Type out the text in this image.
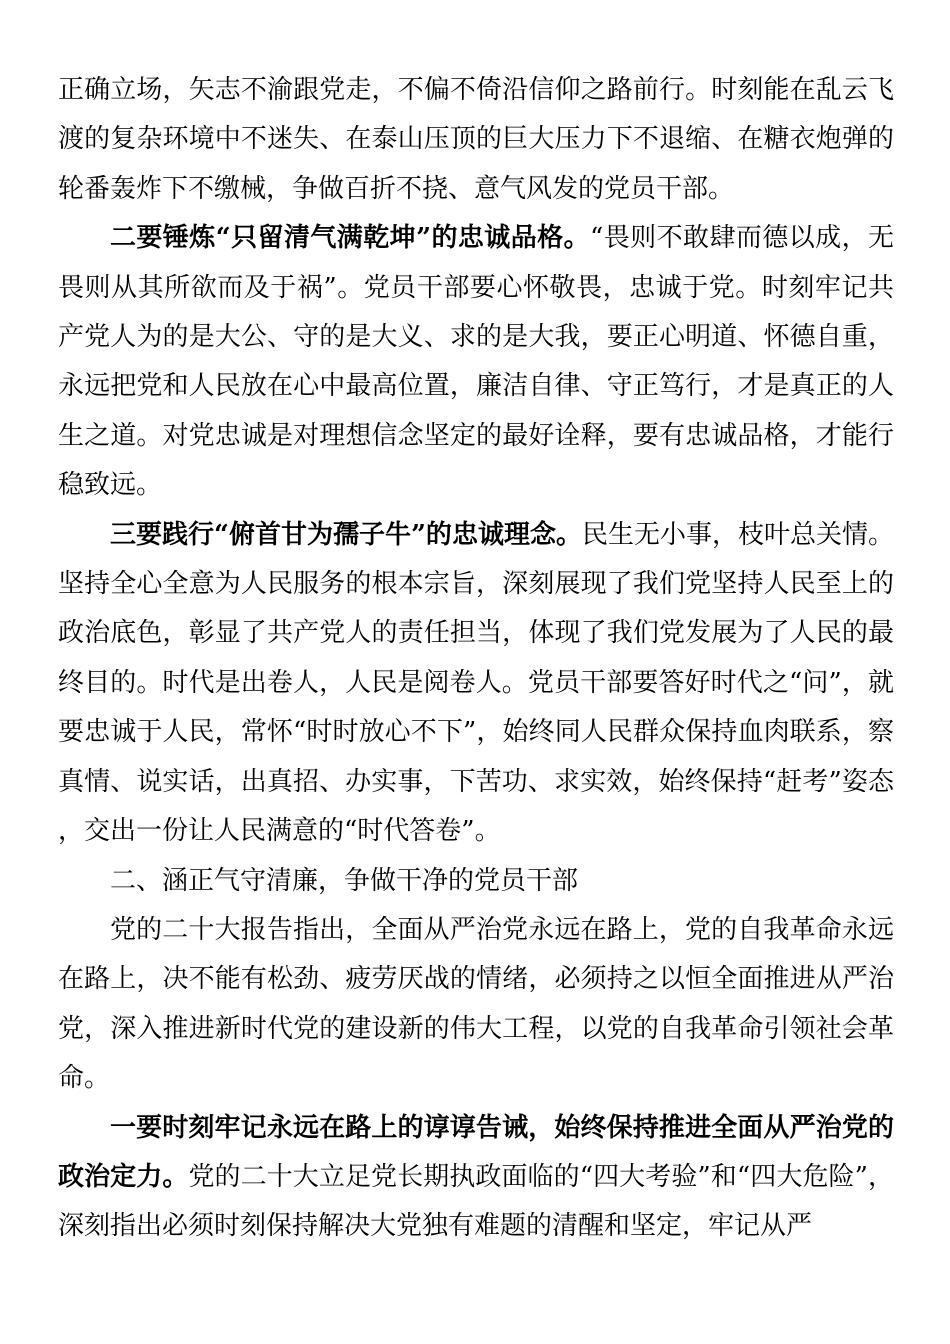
正确立场，矢志不渝跟党走，不偏不倚沿信仰之路前行。时刻能在乱云飞渡的复杂环境中不迷失、在泰山压顶的巨大压力下不退缩、在糖衣炮弹的轮番轰炸下不缴械，争做百折不挠、意气风发的党员干部。

二要锤炼“只留清气满乾坤”的忠诚品格。“畏则不敢肆而德以成，无畏则从其所欲而及于祸”。党员干部要心怀敬畏，忠诚于党。时刻牢记共产党人为的是大公、守的是大义、求的是大我，要正心明道、怀德自重，永远把党和人民放在心中最高位置，廉洁自律、守正笃行，才是真正的人生之道。对党忠诚是对理想信念坚定的最好诠释，要有忠诚品格，才能行稳致远。

三要践行“俯首甘为孺子牛”的忠诚理念。民生无小事，枝叶总关情。坚持全心全意为人民服务的根本宗旨，深刻展现了我们党坚持人民至上的政治底色，彰显了共产党人的责任担当，体现了我们党发展为了人民的最终目的。时代是出卷人，人民是阅卷人。党员干部要答好时代之“问”，就要忠诚于人民，常怀“时时放心不下”，始终同人民群众保持血肉联系，察真情、说实话，出真招、办实事，下苦功、求实效，始终保持“赶考”姿态，交出一份让人民满意的“时代答卷”。

二、涵正气守清廉，争做干净的党员干部

党的二十大报告指出，全面从严治党永远在路上，党的自我革命永远在路上，决不能有松劲、疲劳厌战的情绪，必须持之以恒全面推进从严治党，深入推进新时代党的建设新的伟大工程，以党的自我革命引领社会革命。

一要时刻牢记永远在路上的谆谆告诫，始终保持推进全面从严治党的政治定力。党的二十大立足党长期执政面临的“四大考验”和“四大危险”，深刻指出必须时刻保持解决大党独有难题的清醒和坚定，牢记从严
